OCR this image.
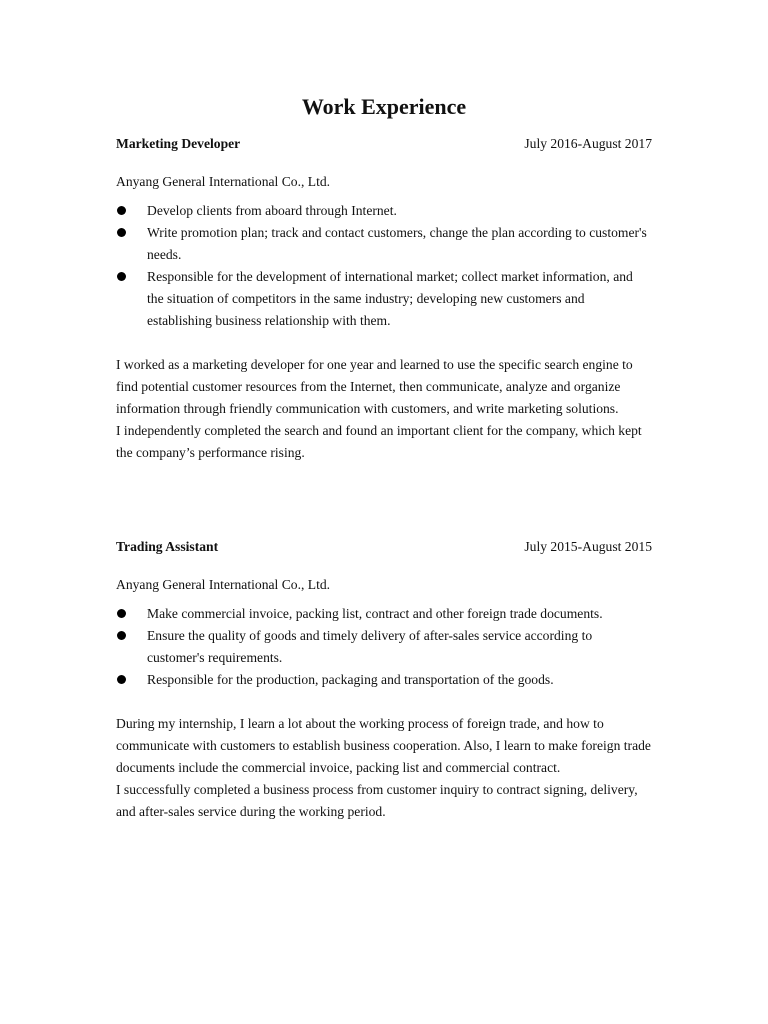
Work Experience
Marketing Developer	July 2016-August 2017
Anyang General International Co., Ltd.
Develop clients from aboard through Internet.
Write promotion plan; track and contact customers, change the plan according to customer's needs.
Responsible for the development of international market; collect market information, and the situation of competitors in the same industry; developing new customers and establishing business relationship with them.

I worked as a marketing developer for one year and learned to use the specific search engine to find potential customer resources from the Internet, then communicate, analyze and organize information through friendly communication with customers, and write marketing solutions.

I independently completed the search and found an important client for the company, which kept the company’s performance rising.

Trading Assistant	July 2015-August 2015
Anyang General International Co., Ltd.
Make commercial invoice, packing list, contract and other foreign trade documents.
Ensure the quality of goods and timely delivery of after-sales service according to customer's requirements.
Responsible for the production, packaging and transportation of the goods.

During my internship, I learn a lot about the working process of foreign trade, and how to communicate with customers to establish business cooperation. Also, I learn to make foreign trade documents include the commercial invoice, packing list and commercial contract.

I successfully completed a business process from customer inquiry to contract signing, delivery, and after-sales service during the working period.
